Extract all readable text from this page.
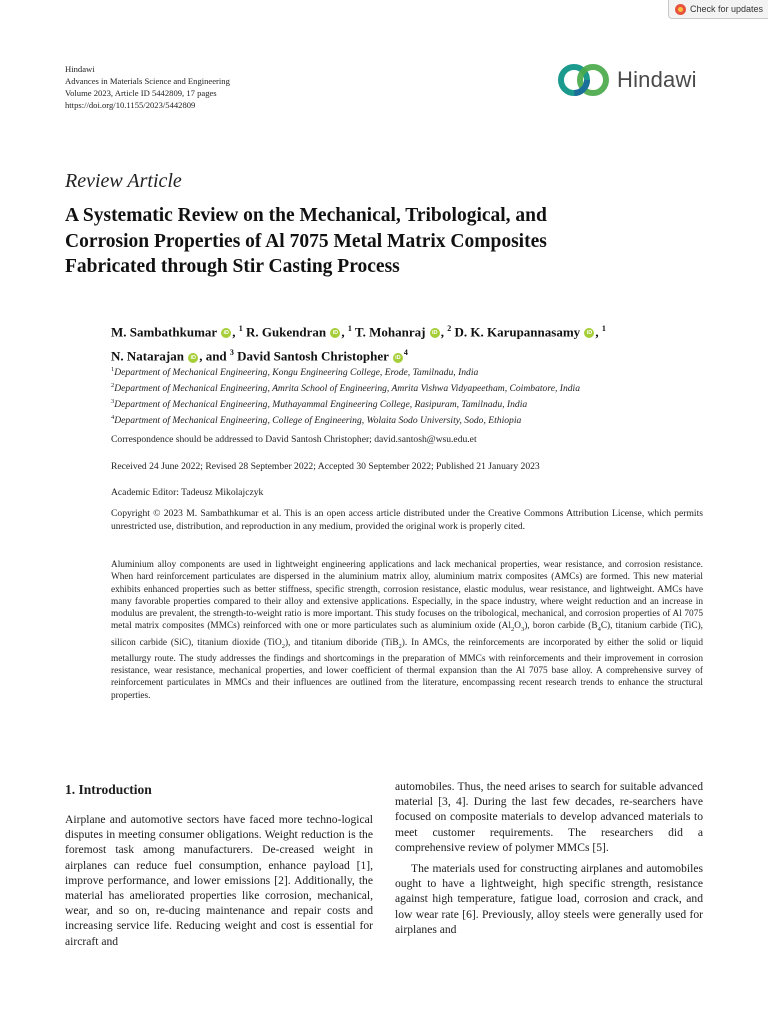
Check for updates
Hindawi
Advances in Materials Science and Engineering
Volume 2023, Article ID 5442809, 17 pages
https://doi.org/10.1155/2023/5442809
Hindawi
Review Article
A Systematic Review on the Mechanical, Tribological, and
Corrosion Properties of Al 7075 Metal Matrix Composites
Fabricated through Stir Casting Process
M. Sambathkumar iD , $^1$ R. Gukendran iD , $^1$ T. Mohanraj iD , $^2$ D. K. Karupannasamy iD , $^1$
N. Natarajan iD , and $^3$ David Santosh Christopher $iD^4$
$^1$Department of Mechanical Engineering, Kongu Engineering College, Erode, Tamilnadu, India
$^2$Department of Mechanical Engineering, Amrita School of Engineering, Amrita Vishwa Vidyapeetham, Coimbatore, India
$^3$Department of Mechanical Engineering, Muthayammal Engineering College, Rasipuram, Tamilnadu, India
$^4$Department of Mechanical Engineering, College of Engineering, Wolaita Sodo University, Sodo, Ethiopia
Correspondence should be addressed to David Santosh Christopher; david.santosh@wsu.edu.et
Received 24 June 2022; Revised 28 September 2022; Accepted 30 September 2022; Published 21 January 2023
Academic Editor: Tadeusz Mikolajczyk
Copyright © 2023 M. Sambathkumar et al. This is an open access article distributed under the Creative Commons Attribution License, which permits unrestricted use, distribution, and reproduction in any medium, provided the original work is properly cited.
Aluminium alloy components are used in lightweight engineering applications and lack mechanical properties, wear resistance, and corrosion resistance. When hard reinforcement particulates are dispersed in the aluminium matrix alloy, aluminium matrix composites (AMCs) are formed. This new material exhibits enhanced properties such as better stiffness, specific strength, corrosion resistance, elastic modulus, wear resistance, and lightweight. AMCs have many favorable properties compared to their alloy and extensive applications. Especially, in the space industry, where weight reduction and an increase in modulus are prevalent, the strength-to-weight ratio is more important. This study focuses on the tribological, mechanical, and corrosion properties of Al 7075 metal matrix composites (MMCs) reinforced with one or more particulates such as aluminium oxide $(Al_2O_3)$, boron carbide $(B_4C)$, titanium carbide (TiC), silicon carbide (SiC), titanium dioxide (TiO$_2$), and titanium diboride (TiB$_2$). In AMCs, the reinforcements are incorporated by either the solid or liquid metallurgy route. The study addresses the findings and shortcomings in the preparation of MMCs with reinforcements and their improvement in corrosion resistance, wear resistance, mechanical properties, and lower coefficient of thermal expansion than the Al 7075 base alloy. A comprehensive survey of reinforcement particulates in MMCs and their influences are outlined from the literature, encompassing recent research trends to enhance the structural properties.
1. Introduction

Airplane and automotive sectors have faced more techno-logical disputes in meeting consumer obligations. Weight reduction is the foremost task among manufacturers. De-creased weight in airplanes can reduce fuel consumption, enhance payload [1], improve performance, and lower emissions [2]. Additionally, the material has ameliorated properties like corrosion, mechanical, wear, and so on, re-ducing maintenance and repair costs and increasing service life. Reducing weight and cost is essential for aircraft and

automobiles. Thus, the need arises to search for suitable advanced material [3, 4]. During the last few decades, re-searchers have focused on composite materials to develop advanced materials to meet customer requirements. The researchers did a comprehensive review of polymer MMCs [5].

The materials used for constructing airplanes and automobiles ought to have a lightweight, high specific strength, resistance against high temperature, fatigue load, corrosion and crack, and low wear rate [6]. Previously, alloy steels were generally used for airplanes and
